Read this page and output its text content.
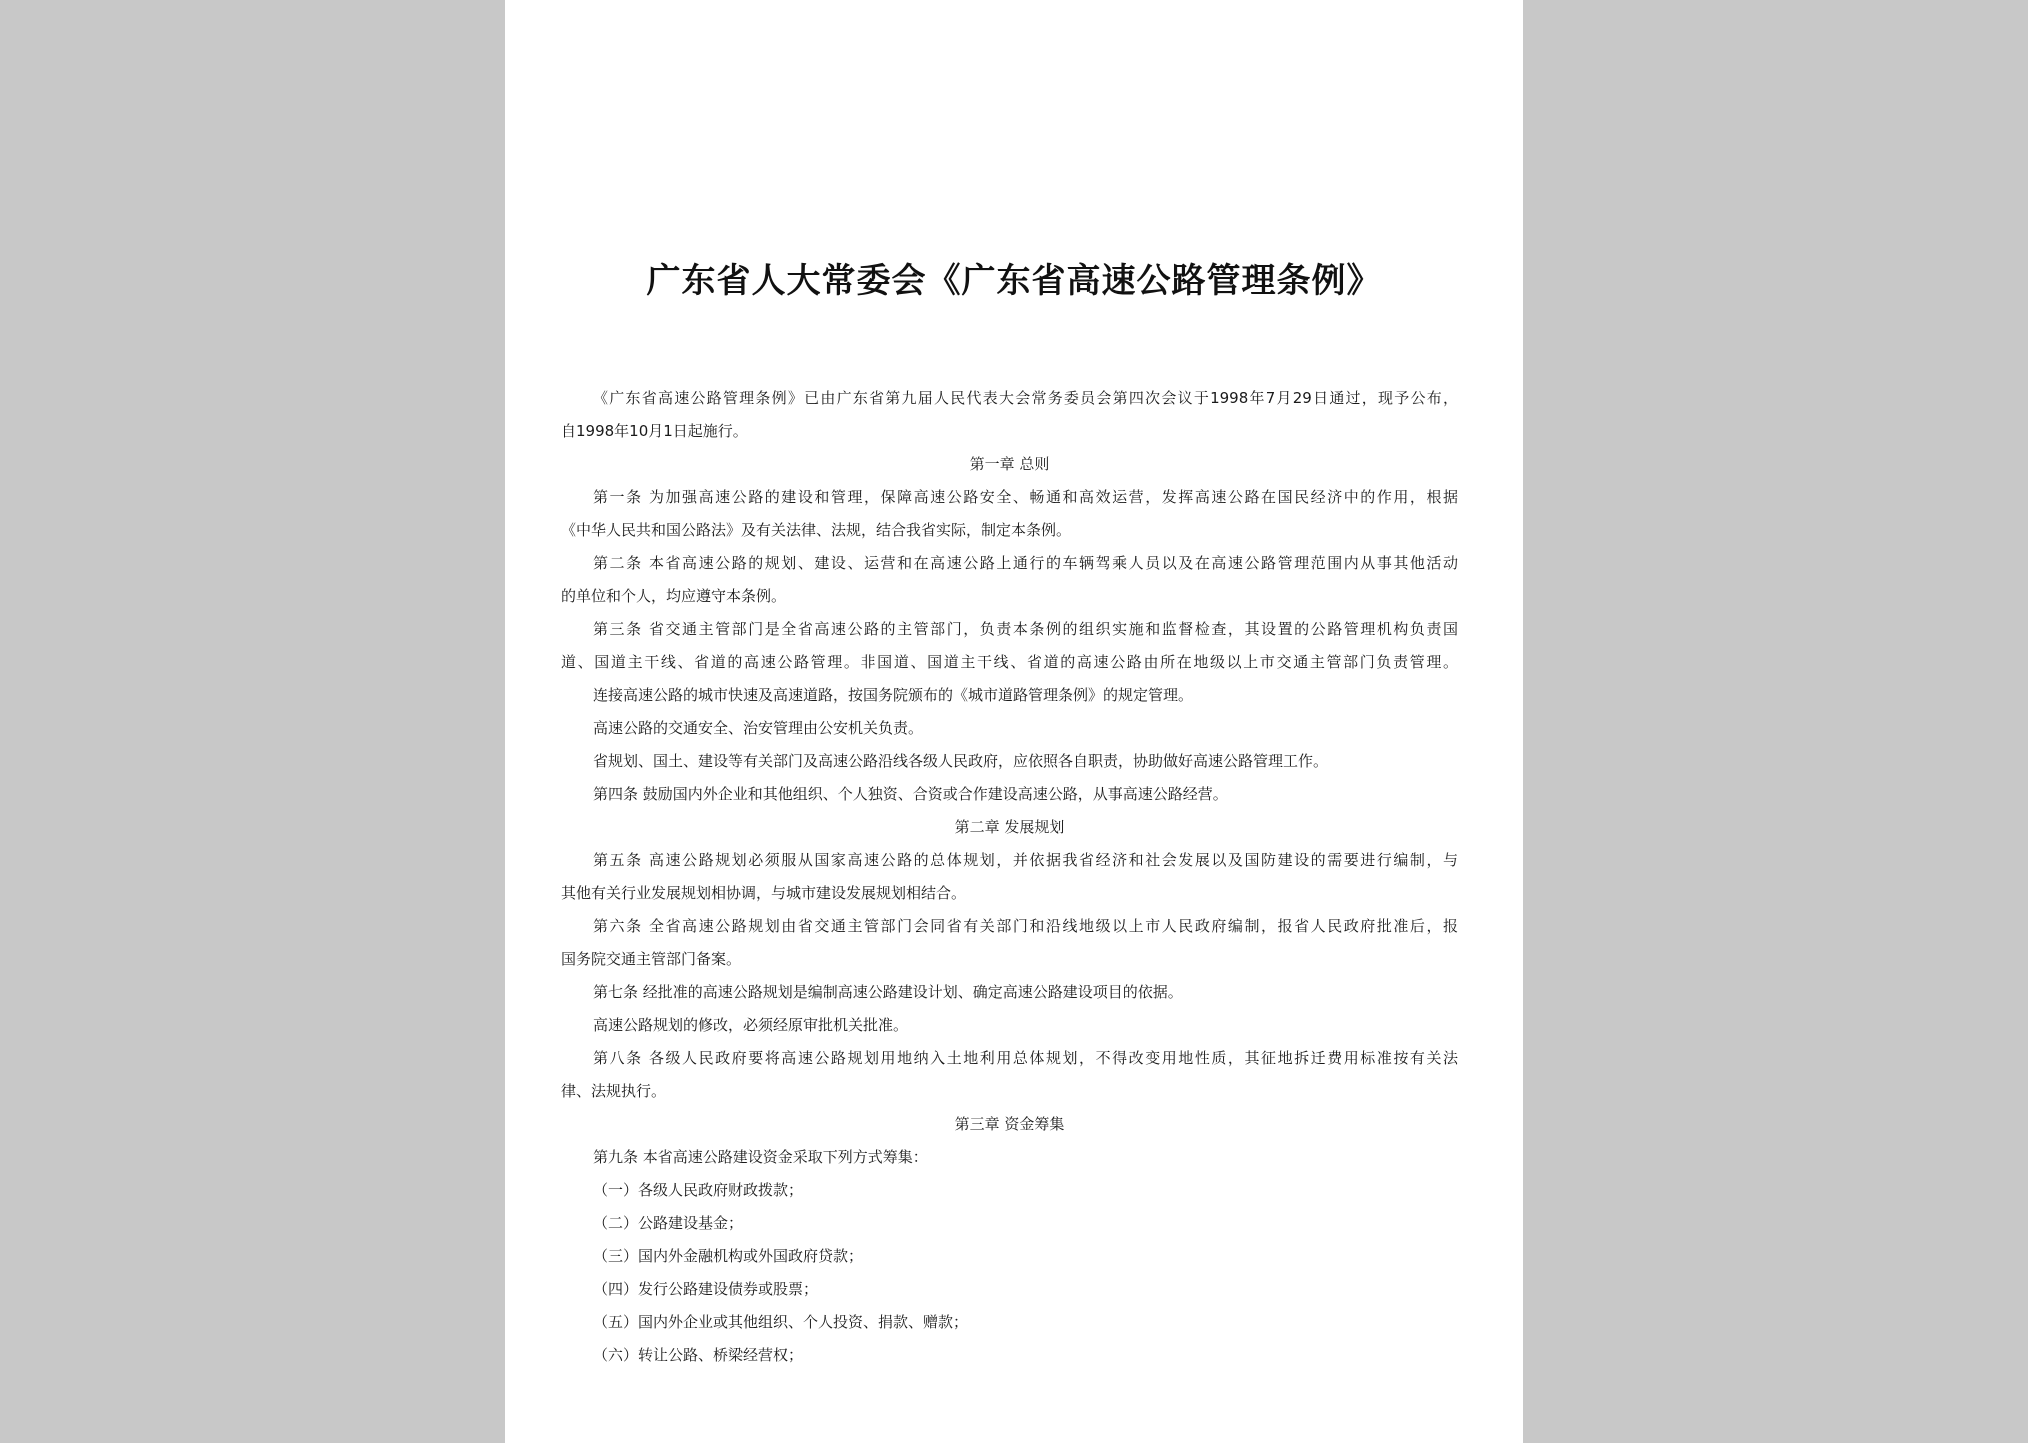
广东省人大常委会《广东省高速公路管理条例》
《广东省高速公路管理条例》已由广东省第九届人民代表大会常务委员会第四次会议于1998年7月29日通过，现予公布，
自1998年10月1日起施行。
第一章 总则
第一条 为加强高速公路的建设和管理，保障高速公路安全、畅通和高效运营，发挥高速公路在国民经济中的作用，根据
《中华人民共和国公路法》及有关法律、法规，结合我省实际，制定本条例。
第二条 本省高速公路的规划、建设、运营和在高速公路上通行的车辆驾乘人员以及在高速公路管理范围内从事其他活动
的单位和个人，均应遵守本条例。
第三条 省交通主管部门是全省高速公路的主管部门，负责本条例的组织实施和监督检查，其设置的公路管理机构负责国
道、国道主干线、省道的高速公路管理。非国道、国道主干线、省道的高速公路由所在地级以上市交通主管部门负责管理。
连接高速公路的城市快速及高速道路，按国务院颁布的《城市道路管理条例》的规定管理。
高速公路的交通安全、治安管理由公安机关负责。
省规划、国土、建设等有关部门及高速公路沿线各级人民政府，应依照各自职责，协助做好高速公路管理工作。
第四条 鼓励国内外企业和其他组织、个人独资、合资或合作建设高速公路，从事高速公路经营。
第二章 发展规划
第五条 高速公路规划必须服从国家高速公路的总体规划，并依据我省经济和社会发展以及国防建设的需要进行编制，与
其他有关行业发展规划相协调，与城市建设发展规划相结合。
第六条 全省高速公路规划由省交通主管部门会同省有关部门和沿线地级以上市人民政府编制，报省人民政府批准后，报
国务院交通主管部门备案。
第七条 经批准的高速公路规划是编制高速公路建设计划、确定高速公路建设项目的依据。
高速公路规划的修改，必须经原审批机关批准。
第八条 各级人民政府要将高速公路规划用地纳入土地利用总体规划，不得改变用地性质，其征地拆迁费用标准按有关法
律、法规执行。
第三章 资金筹集
第九条 本省高速公路建设资金采取下列方式筹集：
（一）各级人民政府财政拨款；
（二）公路建设基金；
（三）国内外金融机构或外国政府贷款；
（四）发行公路建设债券或股票；
（五）国内外企业或其他组织、个人投资、捐款、赠款；
（六）转让公路、桥梁经营权；
